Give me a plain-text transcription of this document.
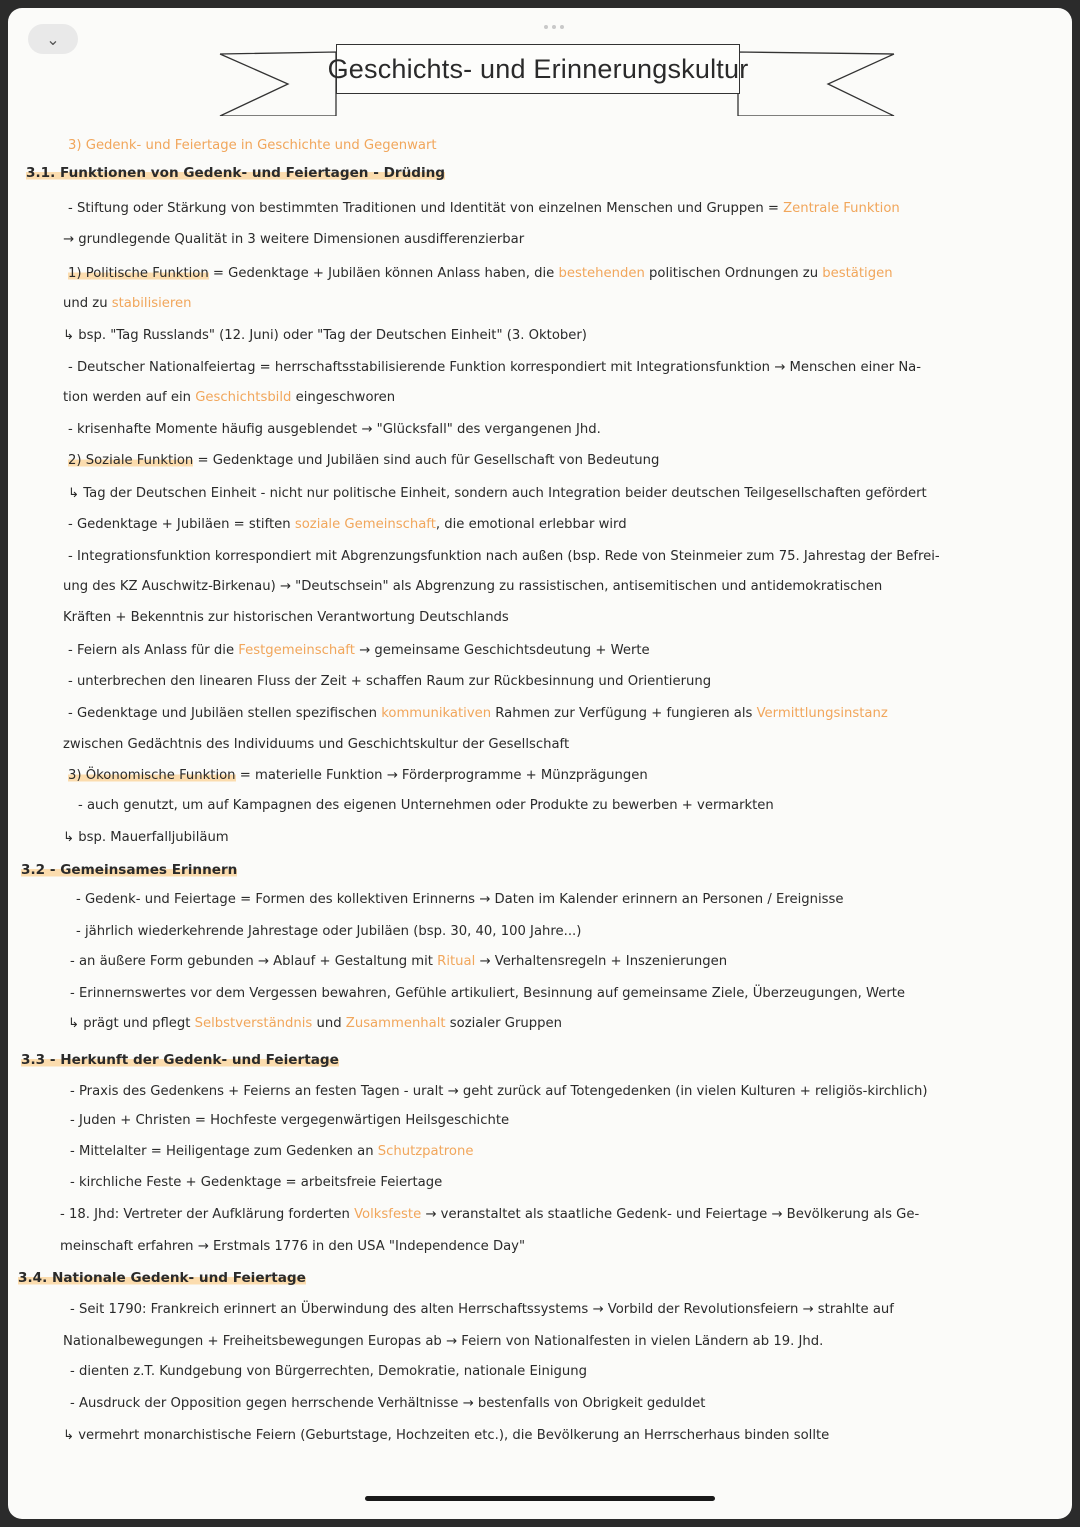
⌄
Geschichts- und Erinnerungskultur
3) Gedenk- und Feiertage in Geschichte und Gegenwart
3.1. Funktionen von Gedenk- und Feiertagen - Drüding
- Stiftung oder Stärkung von bestimmten Traditionen und Identität von einzelnen Menschen und Gruppen = Zentrale Funktion
→ grundlegende Qualität in 3 weitere Dimensionen ausdifferenzierbar
1) Politische Funktion = Gedenktage + Jubiläen können Anlass haben, die bestehenden politischen Ordnungen zu bestätigen
und zu stabilisieren
↳ bsp. "Tag Russlands" (12. Juni) oder "Tag der Deutschen Einheit" (3. Oktober)
- Deutscher Nationalfeiertag = herrschaftsstabilisierende Funktion korrespondiert mit Integrationsfunktion → Menschen einer Na-
tion werden auf ein Geschichtsbild eingeschworen
- krisenhafte Momente häufig ausgeblendet → "Glücksfall" des vergangenen Jhd.
2) Soziale Funktion = Gedenktage und Jubiläen sind auch für Gesellschaft von Bedeutung
↳ Tag der Deutschen Einheit - nicht nur politische Einheit, sondern auch Integration beider deutschen Teilgesellschaften gefördert
- Gedenktage + Jubiläen = stiften soziale Gemeinschaft, die emotional erlebbar wird
- Integrationsfunktion korrespondiert mit Abgrenzungsfunktion nach außen (bsp. Rede von Steinmeier zum 75. Jahrestag der Befrei-
ung des KZ Auschwitz-Birkenau) → "Deutschsein" als Abgrenzung zu rassistischen, antisemitischen und antidemokratischen
Kräften + Bekenntnis zur historischen Verantwortung Deutschlands
- Feiern als Anlass für die Festgemeinschaft → gemeinsame Geschichtsdeutung + Werte
- unterbrechen den linearen Fluss der Zeit + schaffen Raum zur Rückbesinnung und Orientierung
- Gedenktage und Jubiläen stellen spezifischen kommunikativen Rahmen zur Verfügung + fungieren als Vermittlungsinstanz
zwischen Gedächtnis des Individuums und Geschichtskultur der Gesellschaft
3) Ökonomische Funktion = materielle Funktion → Förderprogramme + Münzprägungen
- auch genutzt, um auf Kampagnen des eigenen Unternehmen oder Produkte zu bewerben + vermarkten
↳ bsp. Mauerfalljubiläum
3.2 - Gemeinsames Erinnern
- Gedenk- und Feiertage = Formen des kollektiven Erinnerns → Daten im Kalender erinnern an Personen / Ereignisse
- jährlich wiederkehrende Jahrestage oder Jubiläen (bsp. 30, 40, 100 Jahre...)
- an äußere Form gebunden → Ablauf + Gestaltung mit Ritual → Verhaltensregeln + Inszenierungen
- Erinnernswertes vor dem Vergessen bewahren, Gefühle artikuliert, Besinnung auf gemeinsame Ziele, Überzeugungen, Werte
↳ prägt und pflegt Selbstverständnis und Zusammenhalt sozialer Gruppen
3.3 - Herkunft der Gedenk- und Feiertage
- Praxis des Gedenkens + Feierns an festen Tagen - uralt → geht zurück auf Totengedenken (in vielen Kulturen + religiös-kirchlich)
- Juden + Christen = Hochfeste vergegenwärtigen Heilsgeschichte
- Mittelalter = Heiligentage zum Gedenken an Schutzpatrone
- kirchliche Feste + Gedenktage = arbeitsfreie Feiertage
- 18. Jhd: Vertreter der Aufklärung forderten Volksfeste → veranstaltet als staatliche Gedenk- und Feiertage → Bevölkerung als Ge-
meinschaft erfahren → Erstmals 1776 in den USA "Independence Day"
3.4. Nationale Gedenk- und Feiertage
- Seit 1790: Frankreich erinnert an Überwindung des alten Herrschaftssystems → Vorbild der Revolutionsfeiern → strahlte auf
Nationalbewegungen + Freiheitsbewegungen Europas ab → Feiern von Nationalfesten in vielen Ländern ab 19. Jhd.
- dienten z.T. Kundgebung von Bürgerrechten, Demokratie, nationale Einigung
- Ausdruck der Opposition gegen herrschende Verhältnisse → bestenfalls von Obrigkeit geduldet
↳ vermehrt monarchistische Feiern (Geburtstage, Hochzeiten etc.), die Bevölkerung an Herrscherhaus binden sollte
